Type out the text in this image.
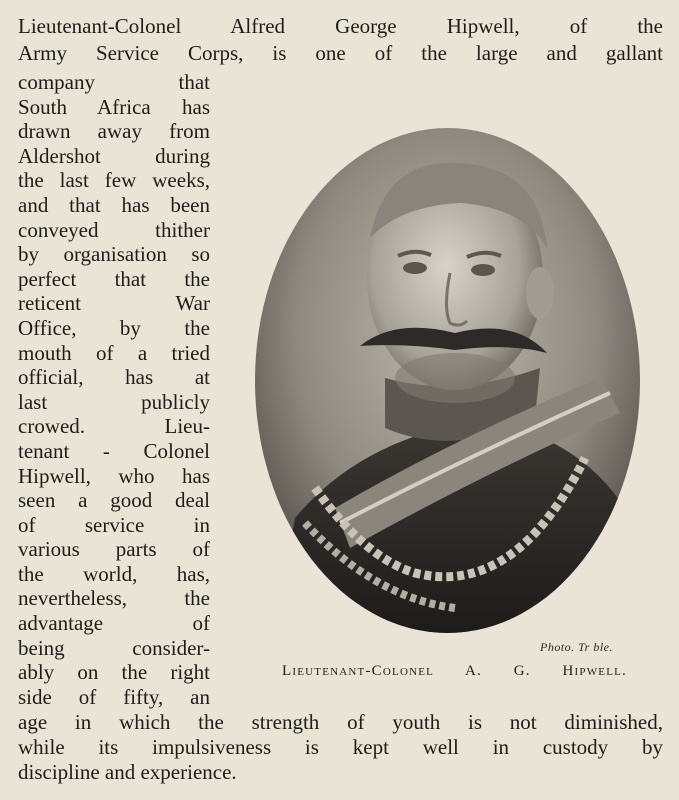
Lieutenant-Colonel Alfred George Hipwell, of the
Army Service Corps, is one of the large and gallant
company that
South Africa has
drawn away from
Aldershot during
the last few weeks,
and that has been
conveyed thither
by organisation so
perfect that the
reticent War
Office, by the
mouth of a tried
official, has at
last publicly
crowed. Lieu-
tenant - Colonel
Hipwell, who has
seen a good deal
of service in
various parts of
the world, has,
nevertheless, the
advantage of
being consider-
ably on the right
side of fifty, an
Photo. Tr ble.
Lieutenant-Colonel A. G. Hipwell.
age in which the strength of youth is not diminished,
while its impulsiveness is kept well in custody by
discipline and experience.
